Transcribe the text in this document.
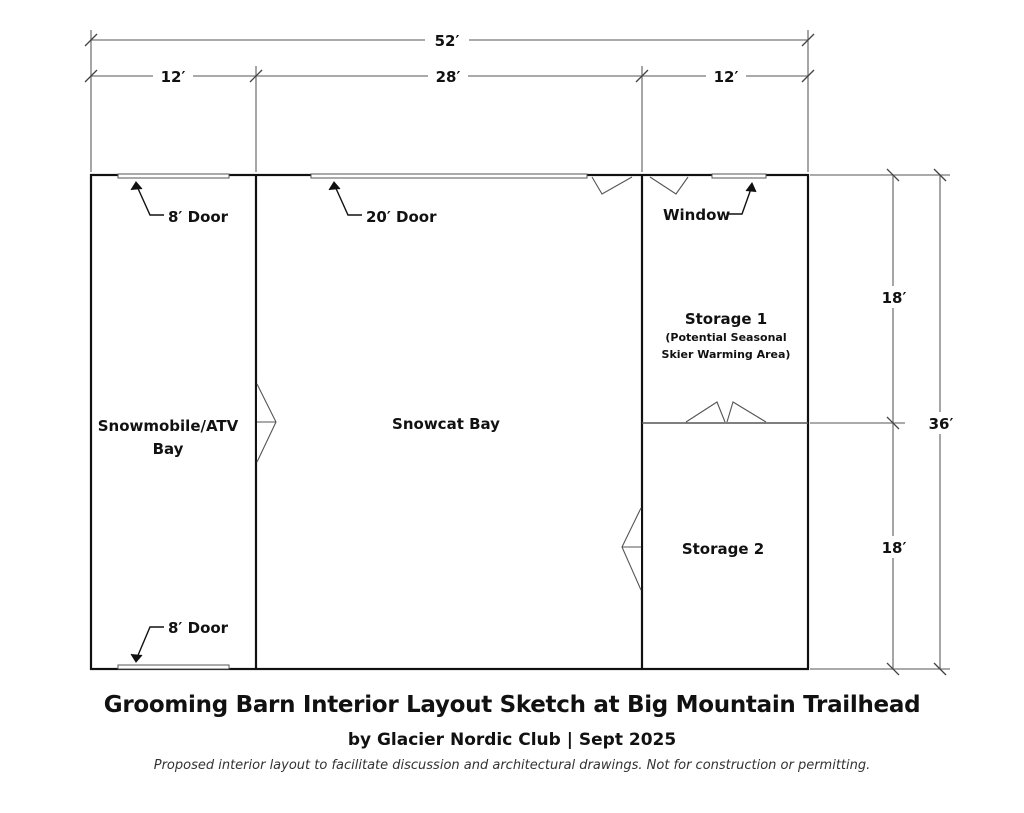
52′
12′	28′	12′
18′
18′
36′
8′ Door	20′ Door	Window
8′ Door
Snowmobile/ATV
Bay
Snowcat Bay
Storage 1
(Potential Seasonal
Skier Warming Area)
Storage 2
Grooming Barn Interior Layout Sketch at Big Mountain Trailhead
by Glacier Nordic Club | Sept 2025
Proposed interior layout to facilitate discussion and architectural drawings. Not for construction or permitting.
